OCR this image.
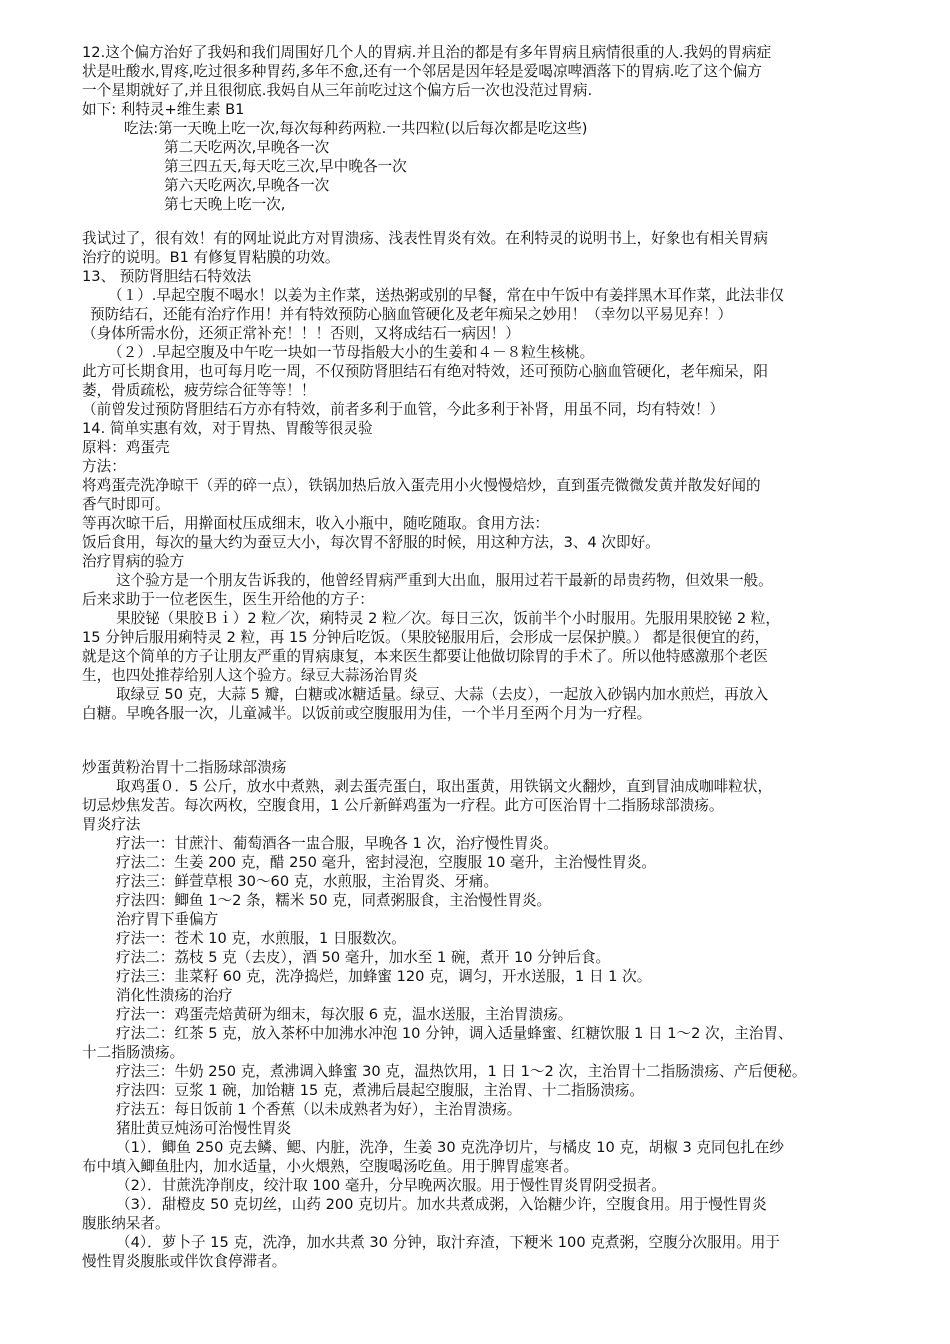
12.这个偏方治好了我妈和我们周围好几个人的胃病.并且治的都是有多年胃病且病情很重的人.我妈的胃病症
状是吐酸水,胃疼,吃过很多种胃药,多年不愈,还有一个邻居是因年轻是爱喝凉啤酒落下的胃病.吃了这个偏方
一个星期就好了,并且很彻底.我妈自从三年前吃过这个偏方后一次也没范过胃病.
如下: 利特灵+维生素 B1
吃法:第一天晚上吃一次,每次每种药两粒.一共四粒(以后每次都是吃这些)
第二天吃两次,早晚各一次
第三四五天,每天吃三次,早中晚各一次
第六天吃两次,早晚各一次
第七天晚上吃一次,
我试过了，很有效！有的网址说此方对胃溃疡、浅表性胃炎有效。在利特灵的说明书上，好象也有相关胃病
治疗的说明。B1 有修复胃粘膜的功效。
13、 预防肾胆结石特效法
（１）.早起空腹不喝水！以姜为主作菜，送热粥或别的早餐，常在中午饭中有姜拌黑木耳作菜，此法非仅
预防结石，还能有治疗作用！并有特效预防心脑血管硬化及老年痴呆之妙用！（幸勿以平易见弃！）
（身体所需水份，还须正常补充！！！否则，又将成结石一病因！）
（２）.早起空腹及中午吃一块如一节母指般大小的生姜和４－８粒生核桃。
此方可长期食用，也可每月吃一周，不仅预防肾胆结石有绝对特效，还可预防心脑血管硬化，老年痴呆，阳
萎，骨质疏松，疲劳综合征等等！！
（前曾发过预防肾胆结石方亦有特效，前者多利于血管，今此多利于补肾，用虽不同，均有特效！）
14. 简单实惠有效，对于胃热、胃酸等很灵验
原料：鸡蛋壳
方法：
将鸡蛋壳洗净晾干（弄的碎一点），铁锅加热后放入蛋壳用小火慢慢焙炒，直到蛋壳微微发黄并散发好闻的
香气时即可。
等再次晾干后，用擀面杖压成细末，收入小瓶中，随吃随取。食用方法：
饭后食用，每次的量大约为蚕豆大小，每次胃不舒服的时候，用这种方法，3、4 次即好。
治疗胃病的验方
这个验方是一个朋友告诉我的，他曾经胃病严重到大出血，服用过若干最新的昂贵药物，但效果一般。
后来求助于一位老医生，医生开给他的方子：
果胶铋（果胶Ｂｉ）2 粒／次，痢特灵 2 粒／次。每日三次，饭前半个小时服用。先服用果胶铋 2 粒，
15 分钟后服用痢特灵 2 粒，再 15 分钟后吃饭。（果胶铋服用后，会形成一层保护膜。） 都是很便宜的药，
就是这个简单的方子让朋友严重的胃病康复，本来医生都要让他做切除胃的手术了。所以他特感激那个老医
生，也四处推荐给别人这个验方。绿豆大蒜汤治胃炎
取绿豆 50 克，大蒜 5 瓣，白糖或冰糖适量。绿豆、大蒜（去皮），一起放入砂锅内加水煎烂，再放入
白糖。早晚各服一次，儿童减半。以饭前或空腹服用为佳，一个半月至两个月为一疗程。
炒蛋黄粉治胃十二指肠球部溃疡
取鸡蛋０．5 公斤，放水中煮熟，剥去蛋壳蛋白，取出蛋黄，用铁锅文火翻炒，直到冒油成咖啡粒状，
切忌炒焦发苦。每次两枚，空腹食用，1 公斤新鲜鸡蛋为一疗程。此方可医治胃十二指肠球部溃疡。
胃炎疗法
疗法一：甘蔗汁、葡萄酒各一盅合服，早晚各 1 次，治疗慢性胃炎。
疗法二：生姜 200 克，醋 250 毫升，密封浸泡，空腹服 10 毫升，主治慢性胃炎。
疗法三：鲜萱草根 30～60 克，水煎服，主治胃炎、牙痛。
疗法四：鲫鱼 1～2 条，糯米 50 克，同煮粥服食，主治慢性胃炎。
治疗胃下垂偏方
疗法一：苍术 10 克，水煎服，1 日服数次。
疗法二：荔枝 5 克（去皮），酒 50 毫升，加水至 1 碗，煮开 10 分钟后食。
疗法三：韭菜籽 60 克，洗净捣烂，加蜂蜜 120 克，调匀，开水送服，1 日 1 次。
消化性溃疡的治疗
疗法一：鸡蛋壳焙黄研为细末，每次服 6 克，温水送服，主治胃溃疡。
疗法二：红茶 5 克，放入茶杯中加沸水冲泡 10 分钟，调入适量蜂蜜、红糖饮服 1 日 1～2 次，主治胃、
十二指肠溃疡。
疗法三：牛奶 250 克，煮沸调入蜂蜜 30 克，温热饮用，1 日 1～2 次，主治胃十二指肠溃疡、产后便秘。
疗法四：豆浆 1 碗，加饴糖 15 克，煮沸后晨起空腹服，主治胃、十二指肠溃疡。
疗法五：每日饭前 1 个香蕉（以未成熟者为好），主治胃溃疡。
猪肚黄豆炖汤可治慢性胃炎
（1）．鲫鱼 250 克去鳞、鳃、内脏，洗净，生姜 30 克洗净切片，与橘皮 10 克，胡椒 3 克同包扎在纱
布中填入鲫鱼肚内，加水适量，小火煨熟，空腹喝汤吃鱼。用于脾胃虚寒者。
（2）．甘蔗洗净削皮，绞汁取 100 毫升，分早晚两次服。用于慢性胃炎胃阴受损者。
（3）．甜橙皮 50 克切丝，山药 200 克切片。加水共煮成粥，入饴糖少许，空腹食用。用于慢性胃炎
腹胀纳呆者。
（4）．萝卜子 15 克，洗净，加水共煮 30 分钟，取汁弃渣，下粳米 100 克煮粥，空腹分次服用。用于
慢性胃炎腹胀或伴饮食停滞者。
